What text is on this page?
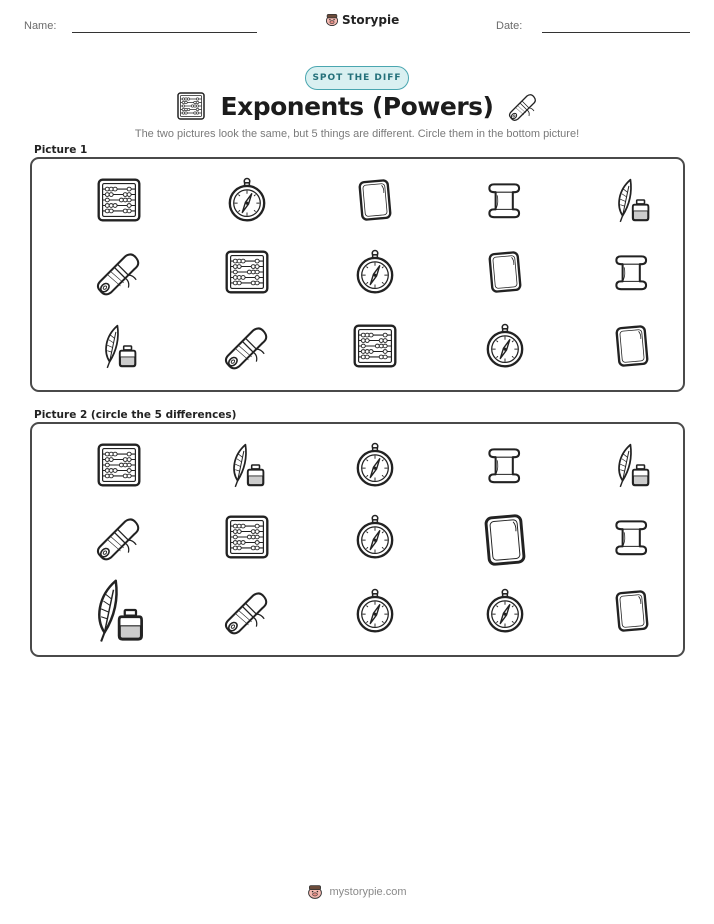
Name:	Storypie	Date:
SPOT THE DIFF
Exponents (Powers)
The two pictures look the same, but 5 things are different. Circle them in the bottom picture!
Picture 1
Picture 2 (circle the 5 differences)
mystorypie.com
